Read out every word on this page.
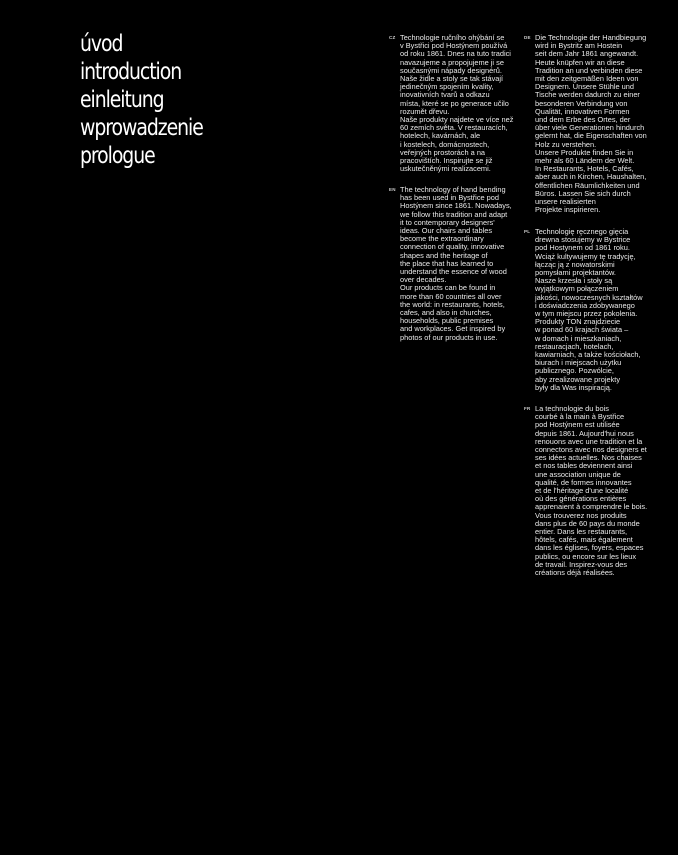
úvod
introduction
einleitung
wprowadzenie
prologue
CZ Technologie ručního ohýbání se
v Bystřici pod Hostýnem používá
od roku 1861. Dnes na tuto tradici
navazujeme a propojujeme ji se
současnými nápady designérů.
Naše židle a stoly se tak stávají
jedinečným spojením kvality,
inovativních tvarů a odkazu
místa, které se po generace učilo
rozumět dřevu.
Naše produkty najdete ve více než
60 zemích světa. V restauracích,
hotelech, kavárnách, ale
i kostelech, domácnostech,
veřejných prostorách a na
pracovištích. Inspirujte se již
uskutečněnými realizacemi.

EN The technology of hand bending
has been used in Bystřice pod
Hostýnem since 1861. Nowadays,
we follow this tradition and adapt
it to contemporary designers'
ideas. Our chairs and tables
become the extraordinary
connection of quality, innovative
shapes and the heritage of
the place that has learned to
understand the essence of wood
over decades.
Our products can be found in
more than 60 countries all over
the world: in restaurants, hotels,
cafes, and also in churches,
households, public premises
and workplaces. Get inspired by
photos of our products in use.

DE Die Technologie der Handbiegung
wird in Bystritz am Hostein
seit dem Jahr 1861 angewandt.
Heute knüpfen wir an diese
Tradition an und verbinden diese
mit den zeitgemäßen Ideen von
Designern. Unsere Stühle und
Tische werden dadurch zu einer
besonderen Verbindung von
Qualität, innovativen Formen
und dem Erbe des Ortes, der
über viele Generationen hindurch
gelernt hat, die Eigenschaften von
Holz zu verstehen.
Unsere Produkte finden Sie in
mehr als 60 Ländern der Welt.
In Restaurants, Hotels, Cafés,
aber auch in Kirchen, Haushalten,
öffentlichen Räumlichkeiten und
Büros. Lassen Sie sich durch
unsere realisierten
Projekte inspirieren.

PL Technologię ręcznego gięcia
drewna stosujemy w Bystrice
pod Hostynem od 1861 roku.
Wciąż kultywujemy tę tradycję,
łącząc ją z nowatorskimi
pomysłami projektantów.
Nasze krzesła i stoły są
wyjątkowym połączeniem
jakości, nowoczesnych kształtów
i doświadczenia zdobywanego
w tym miejscu przez pokolenia.
Produkty TON znajdziecie
w ponad 60 krajach świata –
w domach i mieszkaniach,
restauracjach, hotelach,
kawiarniach, a także kościołach,
biurach i miejscach użytku
publicznego. Pozwólcie,
aby zrealizowane projekty
były dla Was inspiracją.

FR La technologie du bois
courbé à la main à Bystřice
pod Hostýnem est utilisée
depuis 1861. Aujourd'hui nous
renouons avec une tradition et la
connectons avec nos designers et
ses idées actuelles. Nos chaises
et nos tables deviennent ainsi
une association unique de
qualité, de formes innovantes
et de l'héritage d'une localité
où des générations entières
apprenaient à comprendre le bois.
Vous trouverez nos produits
dans plus de 60 pays du monde
entier. Dans les restaurants,
hôtels, cafés, mais également
dans les églises, foyers, espaces
publics, ou encore sur les lieux
de travail. Inspirez-vous des
créations déjà réalisées.
